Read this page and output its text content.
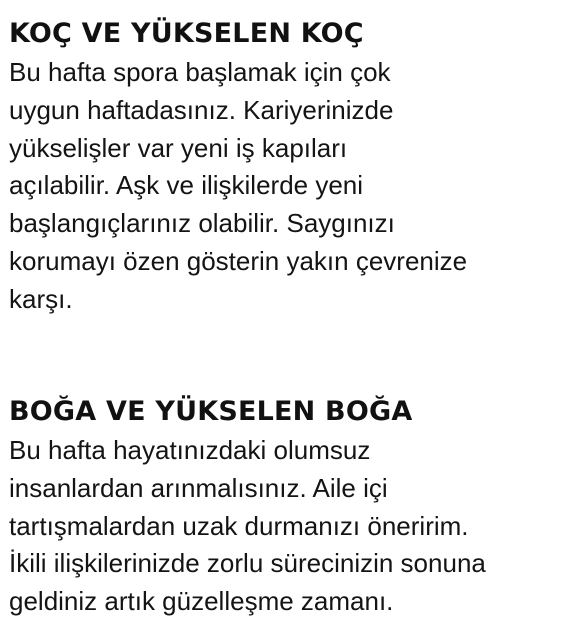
KOÇ VE YÜKSELEN KOÇ

Bu hafta spora başlamak için çok
uygun haftadasınız. Kariyerinizde
yükselişler var yeni iş kapıları
açılabilir. Aşk ve ilişkilerde yeni
başlangıçlarınız olabilir. Saygınızı
korumayı özen gösterin yakın çevrenize
karşı.

BOĞA VE YÜKSELEN BOĞA

Bu hafta hayatınızdaki olumsuz
insanlardan arınmalısınız. Aile içi
tartışmalardan uzak durmanızı öneririm.
İkili ilişkilerinizde zorlu sürecinizin sonuna
geldiniz artık güzelleşme zamanı.
